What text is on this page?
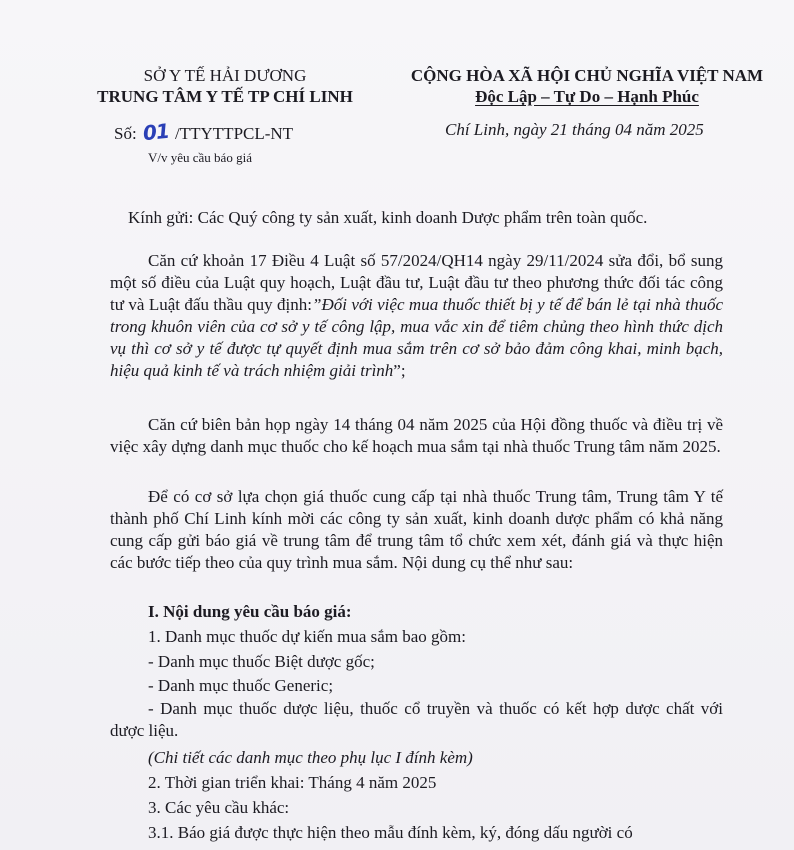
SỞ Y TẾ HẢI DƯƠNG
TRUNG TÂM Y TẾ TP CHÍ LINH
CỘNG HÒA XÃ HỘI CHỦ NGHĨA VIỆT NAM
Độc Lập – Tự Do – Hạnh Phúc
Số: 01 /TTYTTPCL-NT	Chí Linh, ngày 21 tháng 04 năm 2025
V/v yêu cầu báo giá
Kính gửi: Các Quý công ty sản xuất, kinh doanh Dược phẩm trên toàn quốc.
Căn cứ khoản 17 Điều 4 Luật số 57/2024/QH14 ngày 29/11/2024 sửa đổi, bổ sung một số điều của Luật quy hoạch, Luật đầu tư, Luật đầu tư theo phương thức đối tác công tư và Luật đấu thầu quy định:”Đối với việc mua thuốc thiết bị y tế để bán lẻ tại nhà thuốc trong khuôn viên của cơ sở y tế công lập, mua vắc xin để tiêm chủng theo hình thức dịch vụ thì cơ sở y tế được tự quyết định mua sắm trên cơ sở bảo đảm công khai, minh bạch, hiệu quả kinh tế và trách nhiệm giải trình”;
Căn cứ biên bản họp ngày 14 tháng 04 năm 2025 của Hội đồng thuốc và điều trị về việc xây dựng danh mục thuốc cho kế hoạch mua sắm tại nhà thuốc Trung tâm năm 2025.
Để có cơ sở lựa chọn giá thuốc cung cấp tại nhà thuốc Trung tâm, Trung tâm Y tế thành phố Chí Linh kính mời các công ty sản xuất, kinh doanh dược phẩm có khả năng cung cấp gửi báo giá về trung tâm để trung tâm tổ chức xem xét, đánh giá và thực hiện các bước tiếp theo của quy trình mua sắm. Nội dung cụ thể như sau:
I. Nội dung yêu cầu báo giá:
1. Danh mục thuốc dự kiến mua sắm bao gồm:
- Danh mục thuốc Biệt dược gốc;
- Danh mục thuốc Generic;
- Danh mục thuốc dược liệu, thuốc cổ truyền và thuốc có kết hợp dược chất với dược liệu.
(Chi tiết các danh mục theo phụ lục I đính kèm)
2. Thời gian triển khai: Tháng 4 năm 2025
3. Các yêu cầu khác:
3.1. Báo giá được thực hiện theo mẫu đính kèm, ký, đóng dấu người có
